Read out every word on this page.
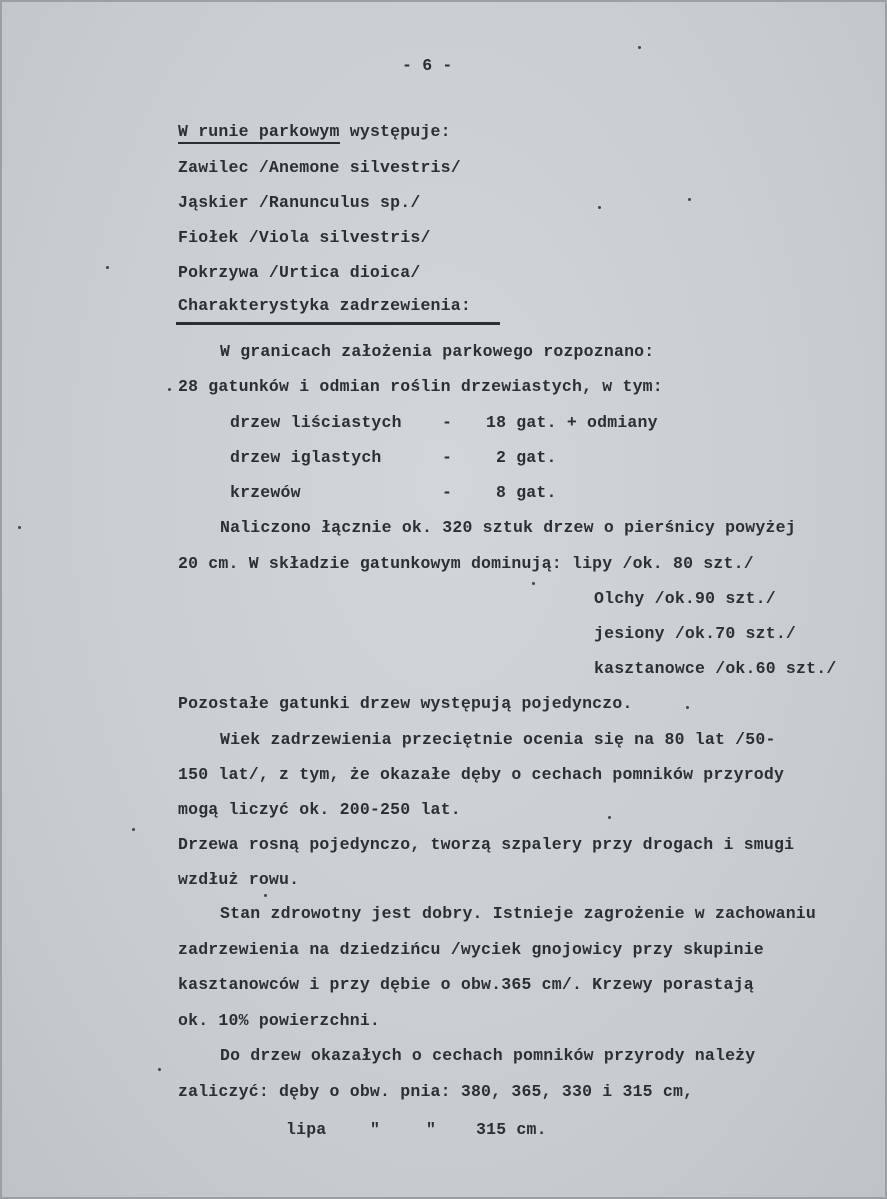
- 6 -
W runie parkowym występuje:
Zawilec /Anemone silvestris/
Jąskier /Ranunculus sp./
Fiołek /Viola silvestris/
Pokrzywa /Urtica dioica/
Charakterystyka zadrzewienia:
W granicach założenia parkowego rozpoznano:
28 gatunków i odmian roślin drzewiastych, w tym:
drzew liściastych - 18 gat. + odmiany
drzew iglastych	-	2 gat.
krzewów	-	8 gat.
Naliczono łącznie ok. 320 sztuk drzew o pierśnicy powyżej
20 cm. W składzie gatunkowym dominują: lipy /ok. 80 szt./
Olchy /ok.90 szt./
jesiony /ok.70 szt./
kasztanowce /ok.60 szt./
Pozostałe gatunki drzew występują pojedynczo.
Wiek zadrzewienia przeciętnie ocenia się na 80 lat /50-
150 lat/, z tym, że okazałe dęby o cechach pomników przyrody
mogą liczyć ok. 200-250 lat.
Drzewa rosną pojedynczo, tworzą szpalery przy drogach i smugi
wzdłuż rowu.
Stan zdrowotny jest dobry. Istnieje zagrożenie w zachowaniu
zadrzewienia na dziedzińcu /wyciek gnojowicy przy skupinie
kasztanowców i przy dębie o obw.365 cm/. Krzewy porastają
ok. 10% powierzchni.
Do drzew okazałych o cechach pomników przyrody należy
zaliczyć: dęby o obw. pnia: 380, 365, 330 i 315 cm,
lipa	"	" 315 cm.
